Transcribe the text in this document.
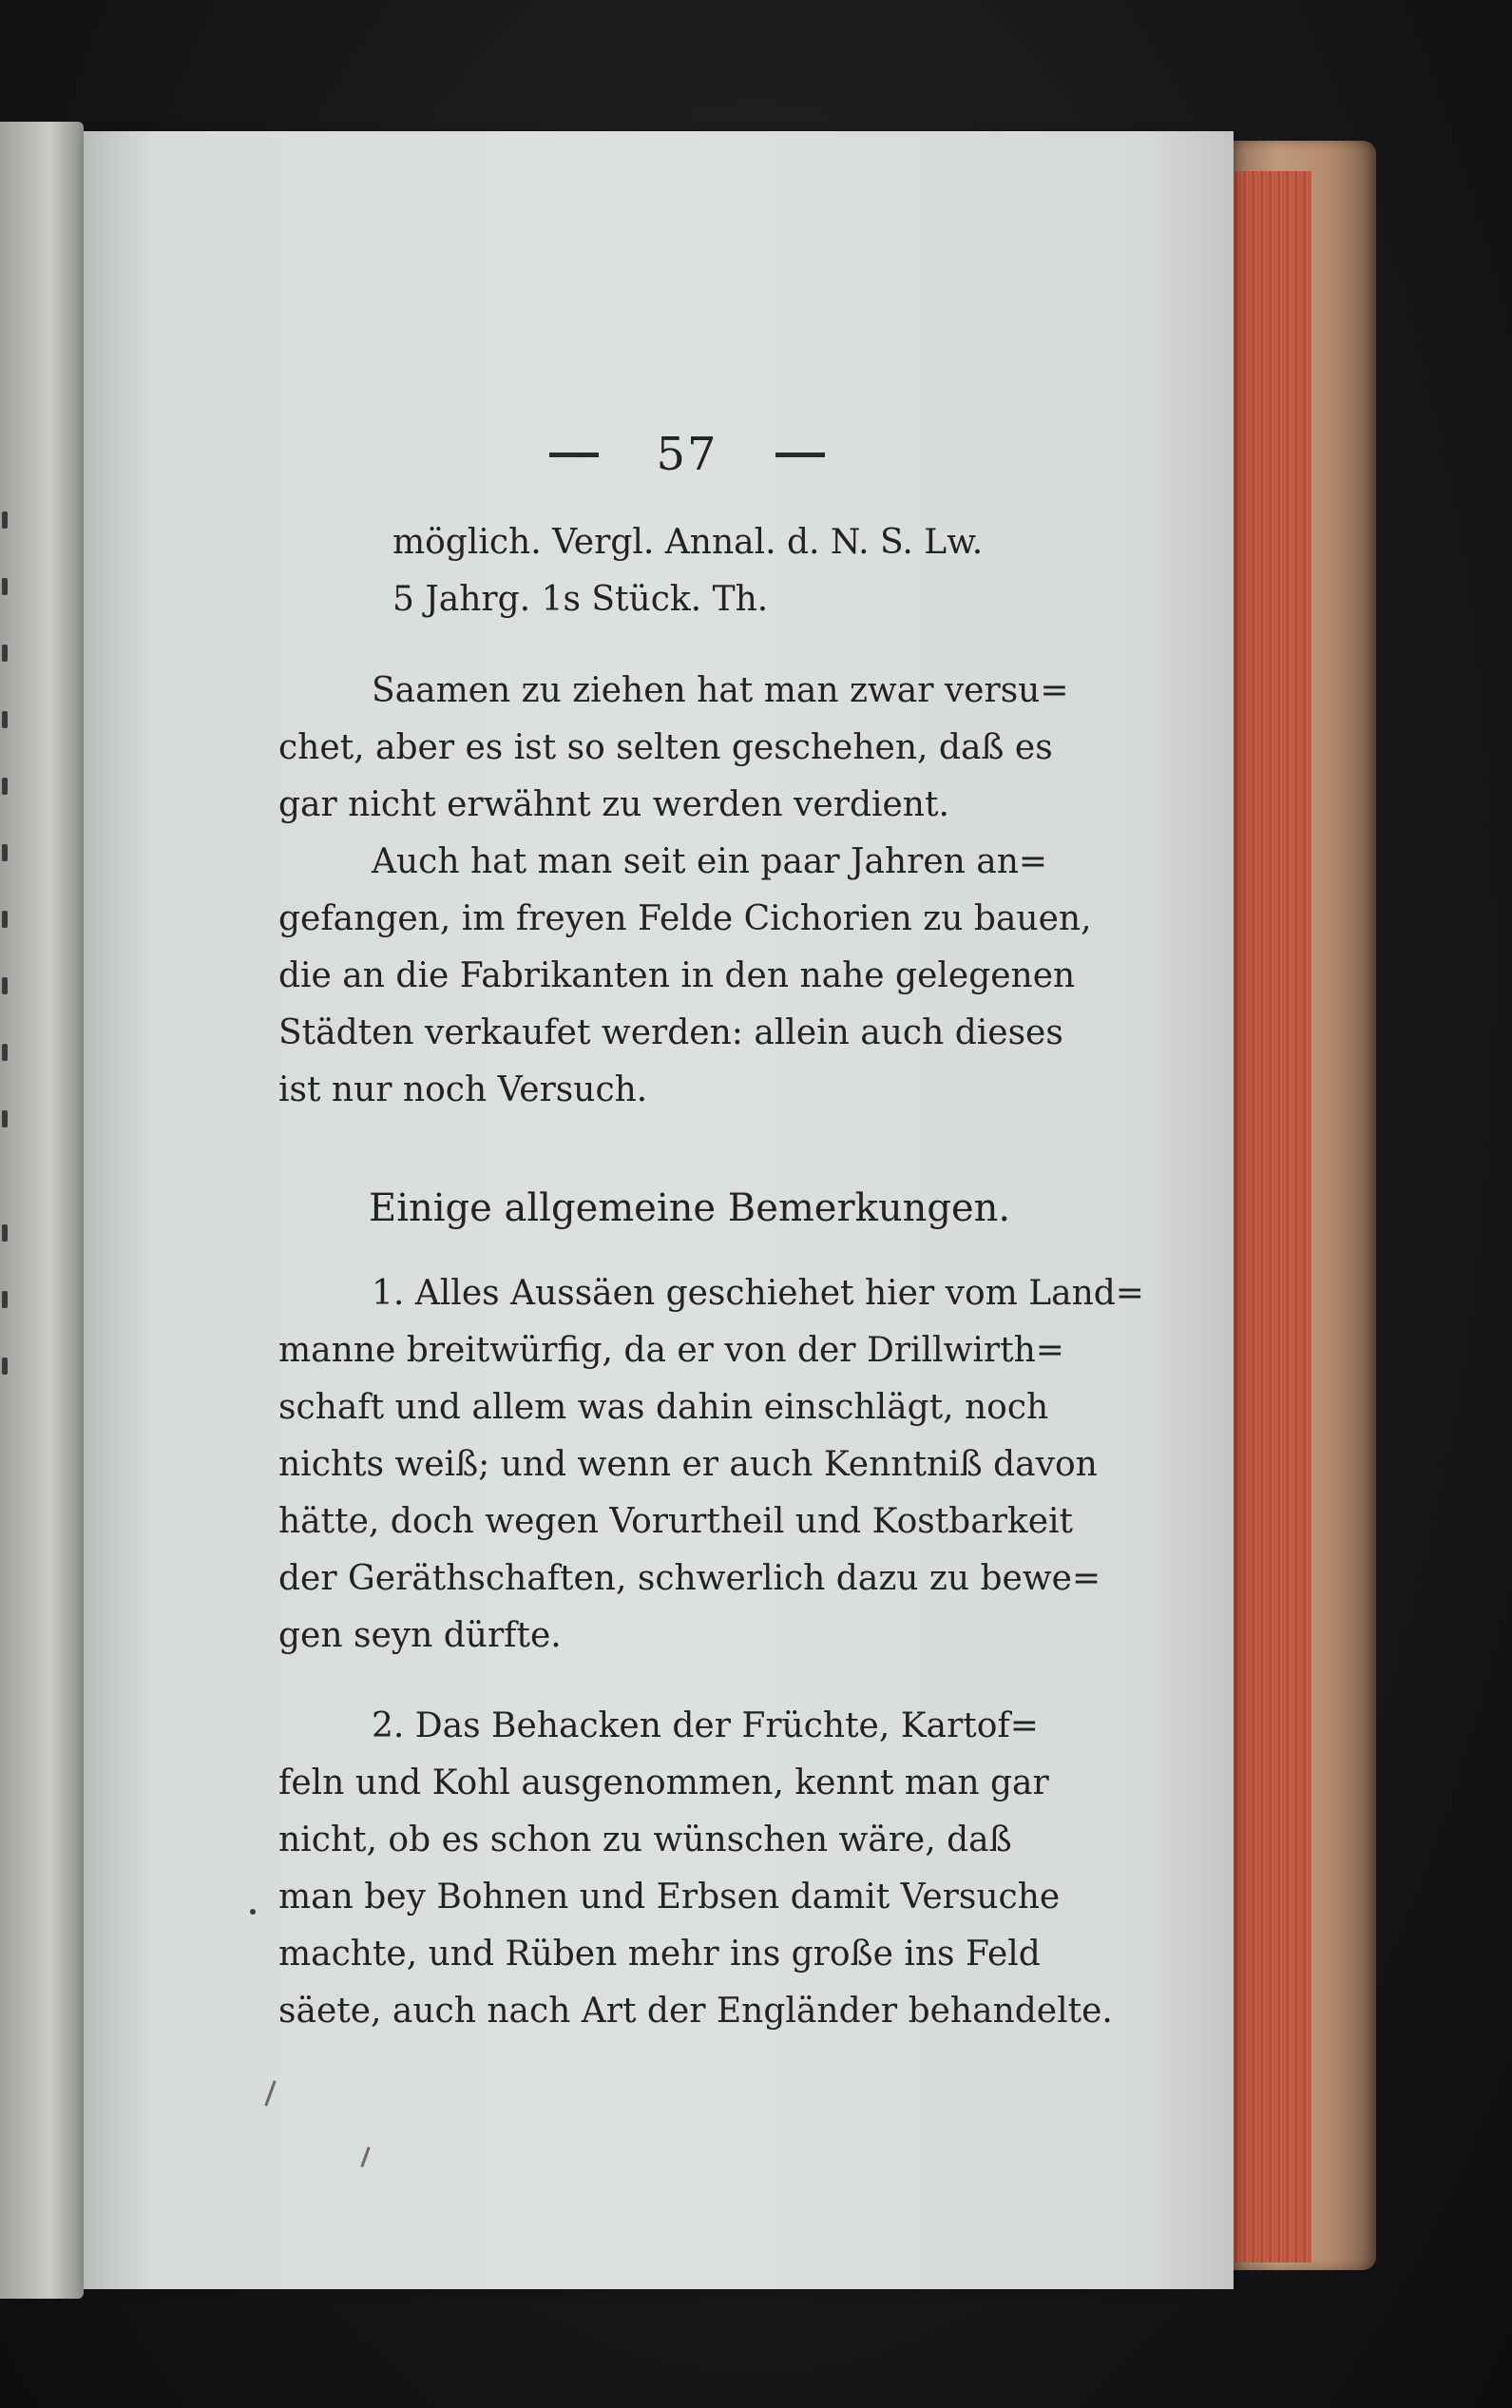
57
möglich. Vergl. Annal. d. N. S. Lw.
5 Jahrg. 1s Stück. Th.
Saamen zu ziehen hat man zwar versu=
chet, aber es ist so selten geschehen, daß es
gar nicht erwähnt zu werden verdient.
Auch hat man seit ein paar Jahren an=
gefangen, im freyen Felde Cichorien zu bauen,
die an die Fabrikanten in den nahe gelegenen
Städten verkaufet werden: allein auch dieses
ist nur noch Versuch.
Einige allgemeine Bemerkungen.
1. Alles Aussäen geschiehet hier vom Land=
manne breitwürfig, da er von der Drillwirth=
schaft und allem was dahin einschlägt, noch
nichts weiß; und wenn er auch Kenntniß davon
hätte, doch wegen Vorurtheil und Kostbarkeit
der Geräthschaften, schwerlich dazu zu bewe=
gen seyn dürfte.
2. Das Behacken der Früchte, Kartof=
feln und Kohl ausgenommen, kennt man gar
nicht, ob es schon zu wünschen wäre, daß
man bey Bohnen und Erbsen damit Versuche
machte, und Rüben mehr ins große ins Feld
säete, auch nach Art der Engländer behandelte.
